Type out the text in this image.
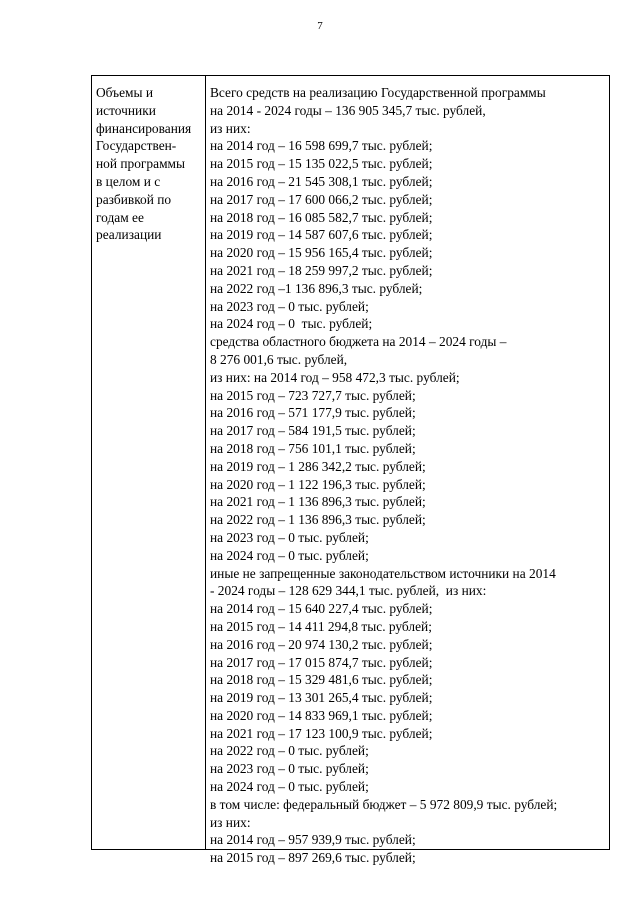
7
Объемы и
источники
финансирования
Государствен-
ной программы
в целом и с
разбивкой по
годам ее
реализации
Всего средств на реализацию Государственной программы
на 2014 - 2024 годы – 136 905 345,7 тыс. рублей,
из них:
на 2014 год – 16 598 699,7 тыс. рублей;
на 2015 год – 15 135 022,5 тыс. рублей;
на 2016 год – 21 545 308,1 тыс. рублей;
на 2017 год – 17 600 066,2 тыс. рублей;
на 2018 год – 16 085 582,7 тыс. рублей;
на 2019 год – 14 587 607,6 тыс. рублей;
на 2020 год – 15 956 165,4 тыс. рублей;
на 2021 год – 18 259 997,2 тыс. рублей;
на 2022 год –1 136 896,3 тыс. рублей;
на 2023 год – 0 тыс. рублей;
на 2024 год – 0  тыс. рублей;
средства областного бюджета на 2014 – 2024 годы –
8 276 001,6 тыс. рублей,
из них: на 2014 год – 958 472,3 тыс. рублей;
на 2015 год – 723 727,7 тыс. рублей;
на 2016 год – 571 177,9 тыс. рублей;
на 2017 год – 584 191,5 тыс. рублей;
на 2018 год – 756 101,1 тыс. рублей;
на 2019 год – 1 286 342,2 тыс. рублей;
на 2020 год – 1 122 196,3 тыс. рублей;
на 2021 год – 1 136 896,3 тыс. рублей;
на 2022 год – 1 136 896,3 тыс. рублей;
на 2023 год – 0 тыс. рублей;
на 2024 год – 0 тыс. рублей;
иные не запрещенные законодательством источники на 2014
- 2024 годы – 128 629 344,1 тыс. рублей,  из них:
на 2014 год – 15 640 227,4 тыс. рублей;
на 2015 год – 14 411 294,8 тыс. рублей;
на 2016 год – 20 974 130,2 тыс. рублей;
на 2017 год – 17 015 874,7 тыс. рублей;
на 2018 год – 15 329 481,6 тыс. рублей;
на 2019 год – 13 301 265,4 тыс. рублей;
на 2020 год – 14 833 969,1 тыс. рублей;
на 2021 год – 17 123 100,9 тыс. рублей;
на 2022 год – 0 тыс. рублей;
на 2023 год – 0 тыс. рублей;
на 2024 год – 0 тыс. рублей;
в том числе: федеральный бюджет – 5 972 809,9 тыс. рублей;
из них:
на 2014 год – 957 939,9 тыс. рублей;
на 2015 год – 897 269,6 тыс. рублей;
